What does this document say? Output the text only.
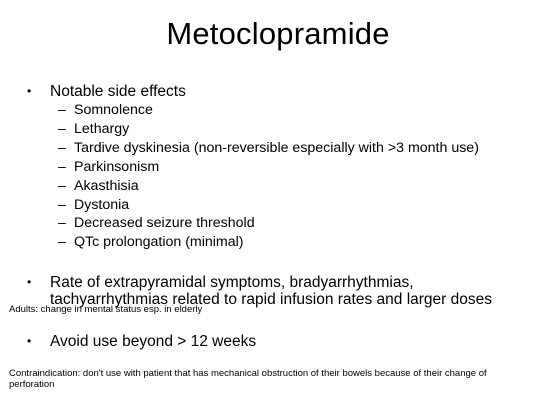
Metoclopramide
• Notable side effects
– Somnolence
– Lethargy
– Tardive dyskinesia (non-reversible especially with >3 month use)
– Parkinsonism
– Akasthisia
– Dystonia
– Decreased seizure threshold
– QTc prolongation (minimal)
• Rate of extrapyramidal symptoms, bradyarrhythmias,
tachyarrhythmias related to rapid infusion rates and larger doses
Adults: change in mental status esp. in elderly
• Avoid use beyond > 12 weeks
Contraindication: don't use with patient that has mechanical obstruction of their bowels because of their change of
perforation
